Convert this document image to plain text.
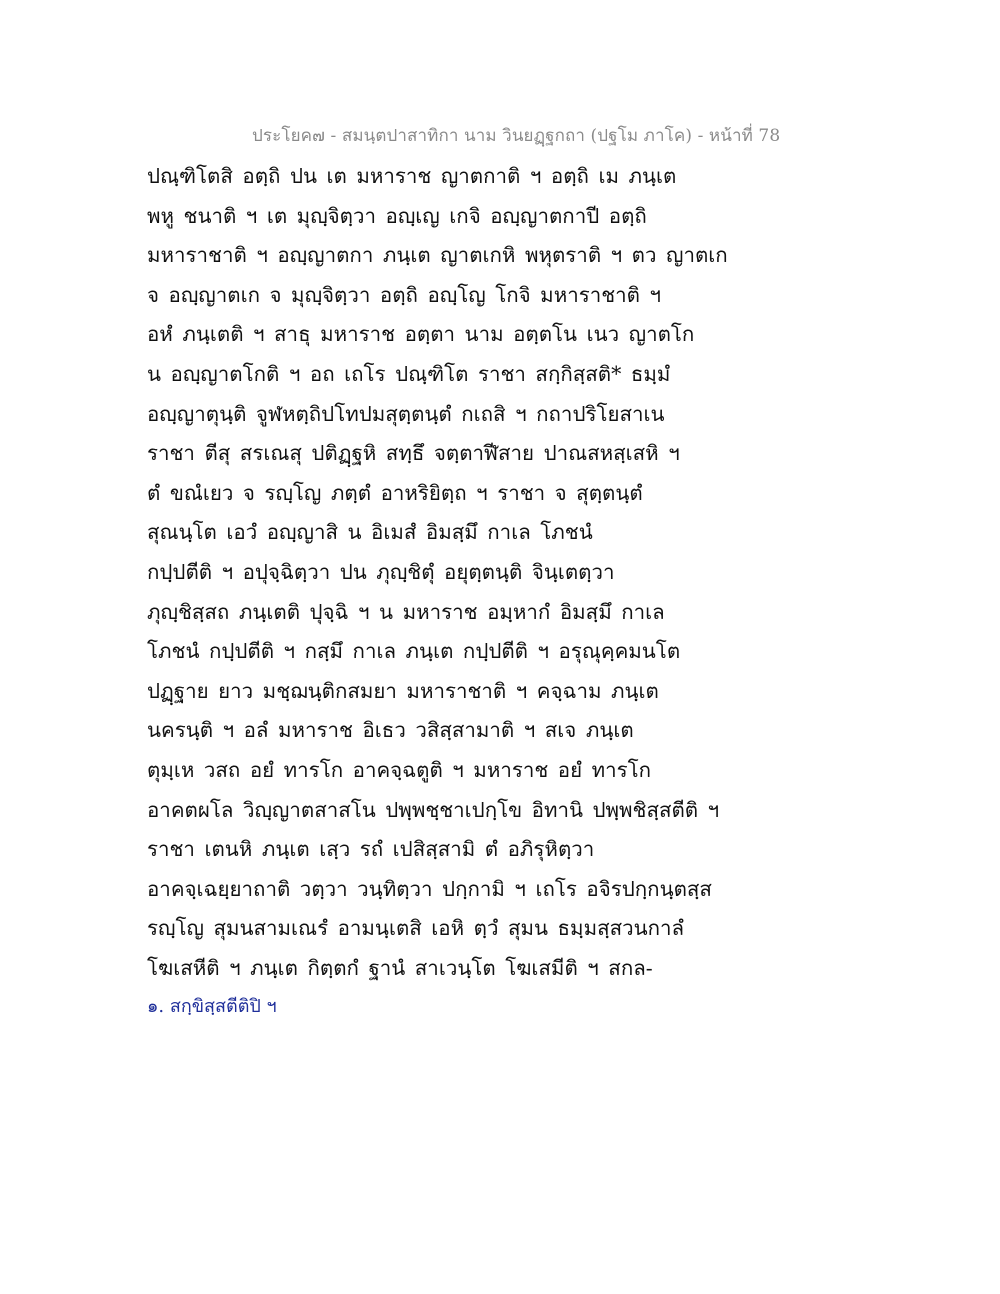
ประโยค๗ - สมนฺตปาสาทิกา นาม วินยฏฺฐกถา (ปฐโม ภาโค) - หน้าที่ 78
ปณฺฑิโตสิ อตฺถิ ปน เต มหาราช ญาตกาติ ฯ อตฺถิ เม ภนฺเต
พหู ชนาติ ฯ เต มุญฺจิตฺวา อญฺเญ เกจิ อญฺญาตกาปี อตฺถิ
มหาราชาติ ฯ อญฺญาตกา ภนฺเต ญาตเกหิ พหุตราติ ฯ ตว ญาตเก
จ อญฺญาตเก จ มุญฺจิตฺวา อตฺถิ อญฺโญ โกจิ มหาราชาติ ฯ
อหํ ภนฺเตติ ฯ สาธุ มหาราช อตฺตา นาม อตฺตโน เนว ญาตโก
น อญฺญาตโกติ ฯ อถ เถโร ปณฺฑิโต ราชา สกฺกิสฺสติ* ธมฺมํ
อญฺญาตุนฺติ จูฬหตฺถิปโทปมสุตฺตนฺตํ กเถสิ ฯ กถาปริโยสาเน
ราชา ตีสุ สรเณสุ ปติฏฺฐหิ สทฺธึ จตฺตาฬีสาย ปาณสหสฺเสหิ ฯ
ตํ ขณํเยว จ รญฺโญ ภตฺตํ อาหริยิตฺถ ฯ ราชา จ สุตฺตนฺตํ
สุณนฺโต เอวํ อญฺญาสิ น อิเมสํ อิมสฺมึ กาเล โภชนํ
กปฺปตีติ ฯ อปุจฺฉิตฺวา ปน ภุญฺชิตุํ อยุตฺตนฺติ จินฺเตตฺวา
ภุญฺชิสฺสถ ภนฺเตติ ปุจฺฉิ ฯ น มหาราช อมฺหากํ อิมสฺมึ กาเล
โภชนํ กปฺปตีติ ฯ กสฺมึ กาเล ภนฺเต กปฺปตีติ ฯ อรุณุคฺคมนโต
ปฏฺฐาย ยาว มชฺฌนฺติกสมยา มหาราชาติ ฯ คจฺฉาม ภนฺเต
นครนฺติ ฯ อลํ มหาราช อิเธว วสิสฺสามาติ ฯ สเจ ภนฺเต
ตุมฺเห วสถ อยํ ทารโก อาคจฺฉตูติ ฯ มหาราช อยํ ทารโก
อาคตผโล วิญฺญาตสาสโน ปพฺพชฺชาเปกฺโข อิทานิ ปพฺพชิสฺสตีติ ฯ
ราชา เตนหิ ภนฺเต เสฺว รถํ เปสิสฺสามิ ตํ อภิรุหิตฺวา
อาคจฺเฉยฺยาถาติ วตฺวา วนฺทิตฺวา ปกฺกามิ ฯ เถโร อจิรปกฺกนฺตสฺส
รญฺโญ สุมนสามเณรํ อามนฺเตสิ เอหิ ตฺวํ สุมน ธมฺมสฺสวนกาลํ
โฆเสหีติ ฯ ภนฺเต กิตฺตกํ ฐานํ สาเวนฺโต โฆเสมีติ ฯ สกล-
๑. สกฺขิสฺสตีติปิ ฯ
